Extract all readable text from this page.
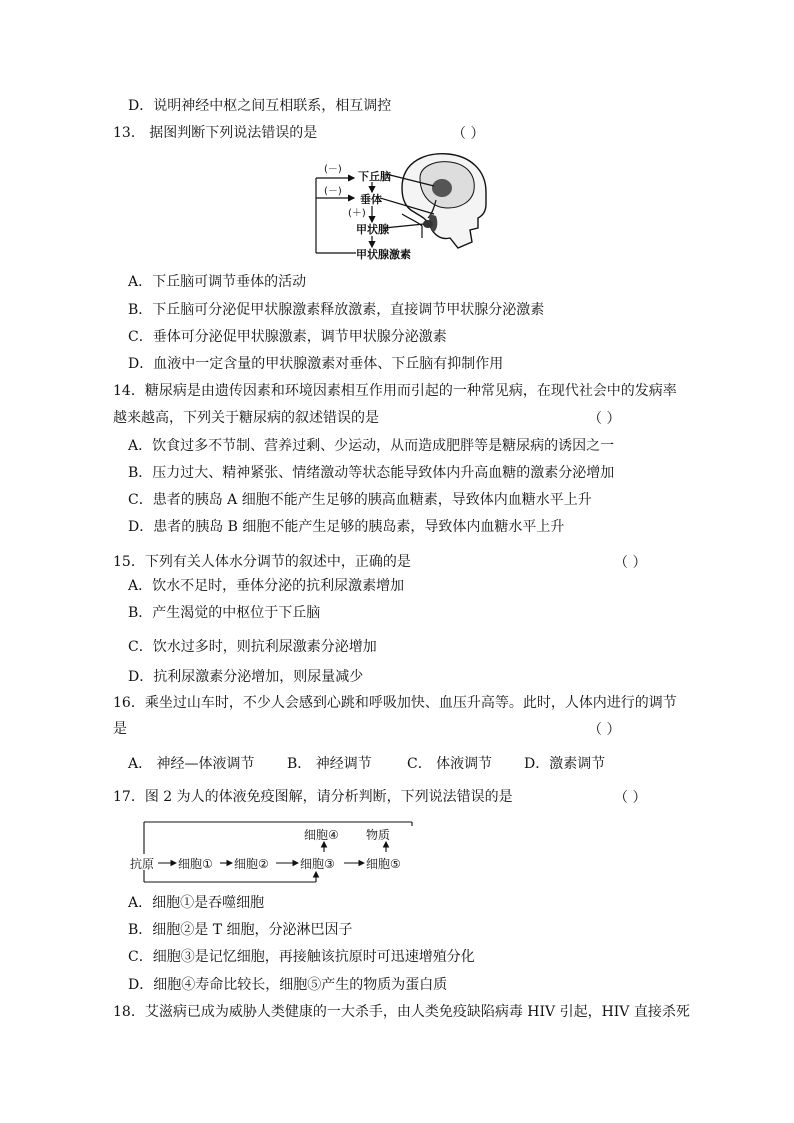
D．说明神经中枢之间互相联系，相互调控
13． 据图判断下列说法错误的是	（ ）
(－)
(－)
(＋)
下丘脑
垂体
甲状腺
甲状腺激素
A．下丘脑可调节垂体的活动
B．下丘脑可分泌促甲状腺激素释放激素，直接调节甲状腺分泌激素
C．垂体可分泌促甲状腺激素，调节甲状腺分泌激素
D．血液中一定含量的甲状腺激素对垂体、下丘脑有抑制作用
14．糖尿病是由遗传因素和环境因素相互作用而引起的一种常见病，在现代社会中的发病率
越来越高，下列关于糖尿病的叙述错误的是	（ ）
A．饮食过多不节制、营养过剩、少运动，从而造成肥胖等是糖尿病的诱因之一
B．压力过大、精神紧张、情绪激动等状态能导致体内升高血糖的激素分泌增加
C．患者的胰岛 A 细胞不能产生足够的胰高血糖素，导致体内血糖水平上升
D．患者的胰岛 B 细胞不能产生足够的胰岛素，导致体内血糖水平上升
15．下列有关人体水分调节的叙述中，正确的是	（ ）
A．饮水不足时，垂体分泌的抗利尿激素增加
B．产生渴觉的中枢位于下丘脑
C．饮水过多时，则抗利尿激素分泌增加
D．抗利尿激素分泌增加，则尿量减少
16．乘坐过山车时，不少人会感到心跳和呼吸加快、血压升高等。此时，人体内进行的调节
是	（ ）
A． 神经—体液调节 B． 神经调节	C． 体液调节 D．激素调节
17．图 2 为人的体液免疫图解，请分析判断，下列说法错误的是	（ ）
抗原 细胞① 细胞②	细胞③
细胞④
细胞⑤
物质
A．细胞①是吞噬细胞
B．细胞②是 T 细胞，分泌淋巴因子
C．细胞③是记忆细胞，再接触该抗原时可迅速增殖分化
D．细胞④寿命比较长，细胞⑤产生的物质为蛋白质
18．艾滋病已成为威胁人类健康的一大杀手，由人类免疫缺陷病毒 HIV 引起，HIV 直接杀死
